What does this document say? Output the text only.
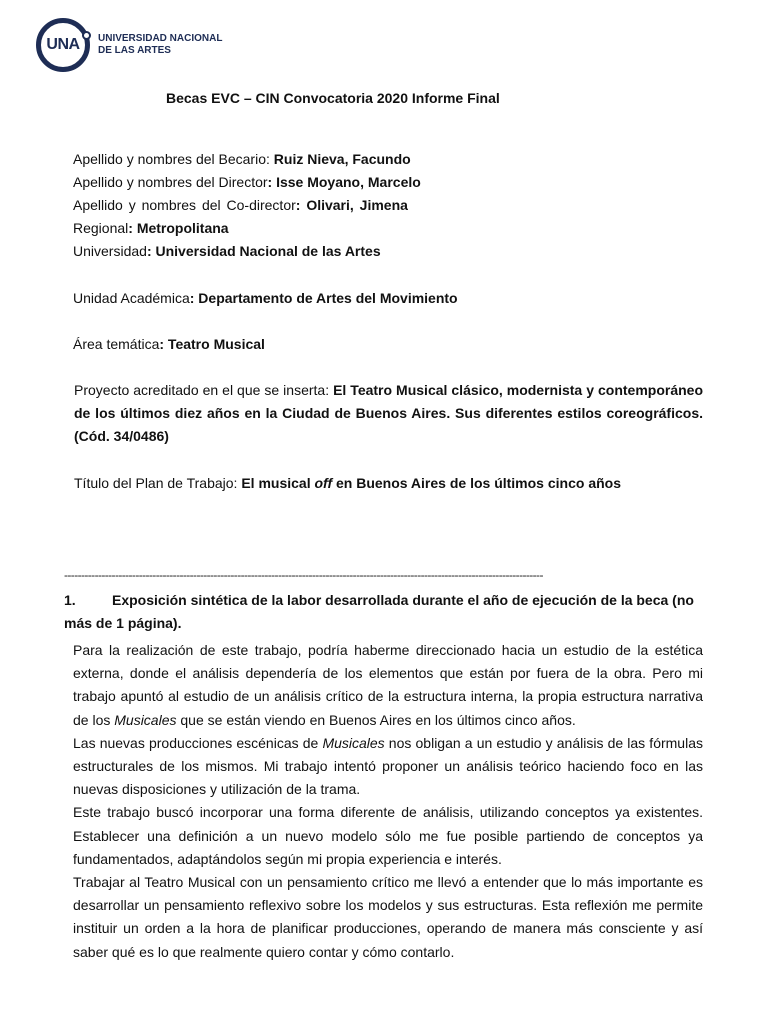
UNA UNIVERSIDAD NACIONAL
DE LAS ARTES
Becas EVC – CIN Convocatoria 2020 Informe Final
Apellido y nombres del Becario: Ruiz Nieva, Facundo
Apellido y nombres del Director: Isse Moyano, Marcelo
Apellido y nombres del Co-director: Olivari, Jimena
Regional: Metropolitana
Universidad: Universidad Nacional de las Artes
Unidad Académica: Departamento de Artes del Movimiento
Área temática: Teatro Musical
Proyecto acreditado en el que se inserta: El Teatro Musical clásico, modernista y contemporáneo de los últimos diez años en la Ciudad de Buenos Aires. Sus diferentes estilos coreográficos. (Cód. 34/0486)
Título del Plan de Trabajo: El musical off en Buenos Aires de los últimos cinco años
---------------------------------------------------------------------------------------------------------------------------------------------
1.	Exposición sintética de la labor desarrollada durante el año de ejecución de la beca (no más de 1 página).

Para la realización de este trabajo, podría haberme direccionado hacia un estudio de la estética externa, donde el análisis dependería de los elementos que están por fuera de la obra. Pero mi trabajo apuntó al estudio de un análisis crítico de la estructura interna, la propia estructura narrativa de los Musicales que se están viendo en Buenos Aires en los últimos cinco años.

Las nuevas producciones escénicas de Musicales nos obligan a un estudio y análisis de las fórmulas estructurales de los mismos. Mi trabajo intentó proponer un análisis teórico haciendo foco en las nuevas disposiciones y utilización de la trama.

Este trabajo buscó incorporar una forma diferente de análisis, utilizando conceptos ya existentes. Establecer una definición a un nuevo modelo sólo me fue posible partiendo de conceptos ya fundamentados, adaptándolos según mi propia experiencia e interés.

Trabajar al Teatro Musical con un pensamiento crítico me llevó a entender que lo más importante es desarrollar un pensamiento reflexivo sobre los modelos y sus estructuras. Esta reflexión me permite instituir un orden a la hora de planificar producciones, operando de manera más consciente y así saber qué es lo que realmente quiero contar y cómo contarlo.
